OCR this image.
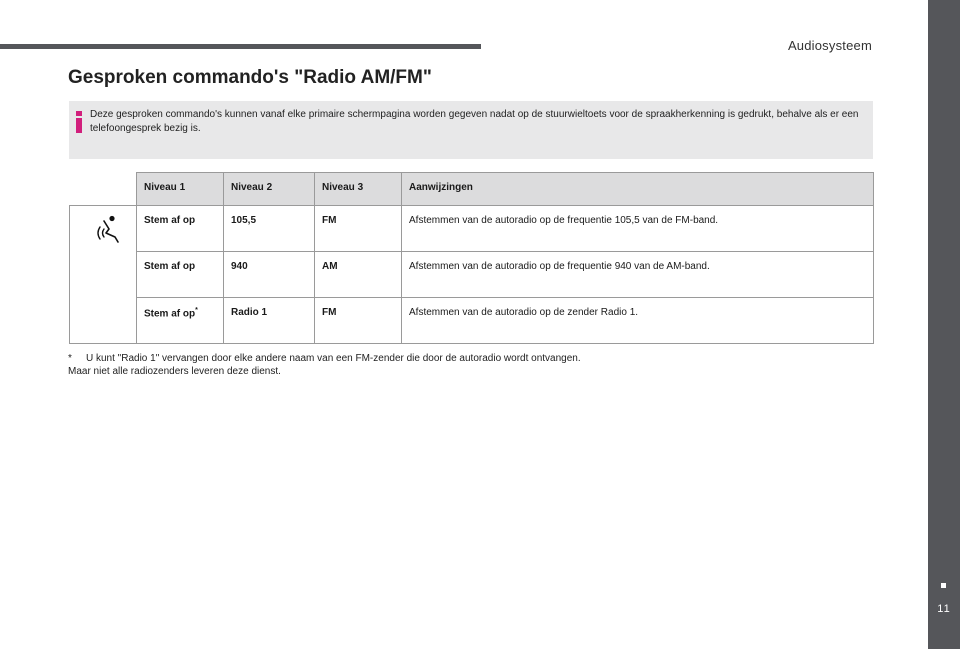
Audiosysteem
11
Gesproken commando's "Radio AM/FM"
Deze gesproken commando's kunnen vanaf elke primaire schermpagina worden gegeven nadat op de stuurwieltoets voor de spraakherkenning is gedrukt, behalve als er een telefoongesprek bezig is.
	Niveau 1	Niveau 2	Niveau 3	Aanwijzingen

	Stem af op	105,5	FM	Afstemmen van de autoradio op de frequentie 105,5 van de FM-band.
	Stem af op	940	AM	Afstemmen van de autoradio op de frequentie 940 van de AM-band.
	Stem af op*	Radio 1	FM	Afstemmen van de autoradio op de zender Radio 1.
* U kunt "Radio 1" vervangen door elke andere naam van een FM-zender die door de autoradio wordt ontvangen.
Maar niet alle radiozenders leveren deze dienst.
